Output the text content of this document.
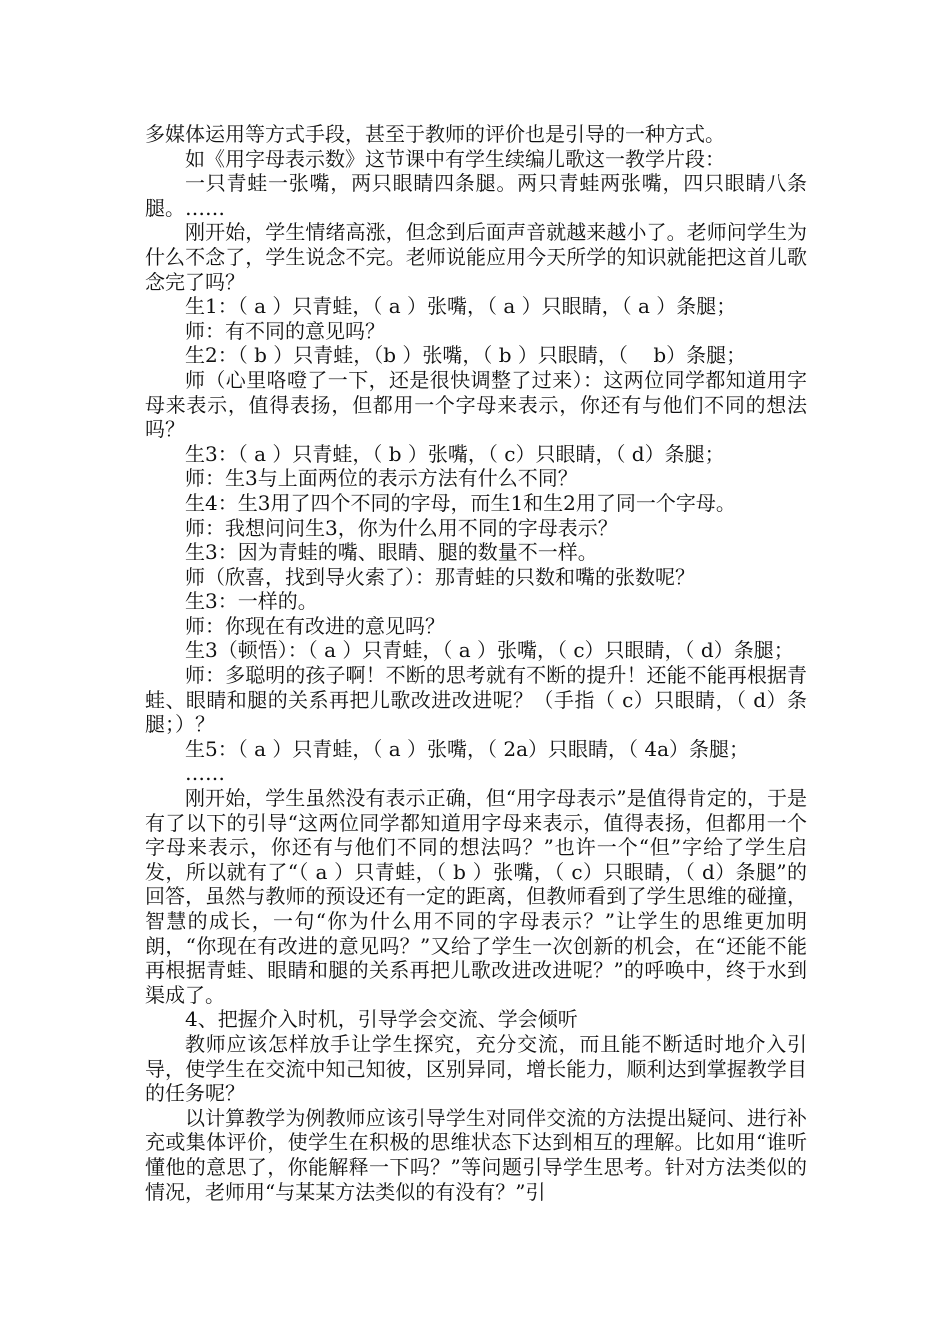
多媒体运用等方式手段，甚至于教师的评价也是引导的一种方式。

如《用字母表示数》这节课中有学生续编儿歌这一教学片段：

一只青蛙一张嘴，两只眼睛四条腿。两只青蛙两张嘴，四只眼睛八条腿。……

刚开始，学生情绪高涨，但念到后面声音就越来越小了。老师问学生为什么不念了，学生说念不完。老师说能应用今天所学的知识就能把这首儿歌念完了吗？

生1：（ a ）只青蛙，（ a ）张嘴，（ a ）只眼睛，（ a ）条腿；

师：有不同的意见吗？

生2：（ b ）只青蛙，（b ）张嘴，（ b ）只眼睛，（    b）条腿；

师（心里咯噔了一下，还是很快调整了过来）：这两位同学都知道用字母来表示，值得表扬，但都用一个字母来表示，你还有与他们不同的想法吗？

生3：（ a ）只青蛙，（ b ）张嘴，（ c）只眼睛，（ d）条腿；

师：生3与上面两位的表示方法有什么不同？

生4：生3用了四个不同的字母，而生1和生2用了同一个字母。

师：我想问问生3，你为什么用不同的字母表示？

生3：因为青蛙的嘴、眼睛、腿的数量不一样。

师（欣喜，找到导火索了）：那青蛙的只数和嘴的张数呢？

生3：一样的。

师：你现在有改进的意见吗？

生3（顿悟）：（ a ）只青蛙，（ a ）张嘴，（ c）只眼睛，（ d）条腿；

师：多聪明的孩子啊！不断的思考就有不断的提升！还能不能再根据青蛙、眼睛和腿的关系再把儿歌改进改进呢？（手指（ c）只眼睛，（ d）条腿；）？

生5：（ a ）只青蛙，（ a ）张嘴，（ 2a）只眼睛，（ 4a）条腿；

……

刚开始，学生虽然没有表示正确，但“用字母表示”是值得肯定的，于是有了以下的引导“这两位同学都知道用字母来表示，值得表扬，但都用一个字母来表示，你还有与他们不同的想法吗？”也许一个“但”字给了学生启发，所以就有了“（ a ）只青蛙，（ b ）张嘴，（ c）只眼睛，（ d）条腿”的回答，虽然与教师的预设还有一定的距离，但教师看到了学生思维的碰撞，智慧的成长，一句“你为什么用不同的字母表示？”让学生的思维更加明朗，“你现在有改进的意见吗？”又给了学生一次创新的机会，在“还能不能再根据青蛙、眼睛和腿的关系再把儿歌改进改进呢？”的呼唤中，终于水到渠成了。

4、把握介入时机，引导学会交流、学会倾听

教师应该怎样放手让学生探究，充分交流，而且能不断适时地介入引导，使学生在交流中知己知彼，区别异同，增长能力，顺利达到掌握教学目的任务呢？

以计算教学为例教师应该引导学生对同伴交流的方法提出疑问、进行补充或集体评价，使学生在积极的思维状态下达到相互的理解。比如用“谁听懂他的意思了，你能解释一下吗？”等问题引导学生思考。针对方法类似的情况，老师用“与某某方法类似的有没有？”引
